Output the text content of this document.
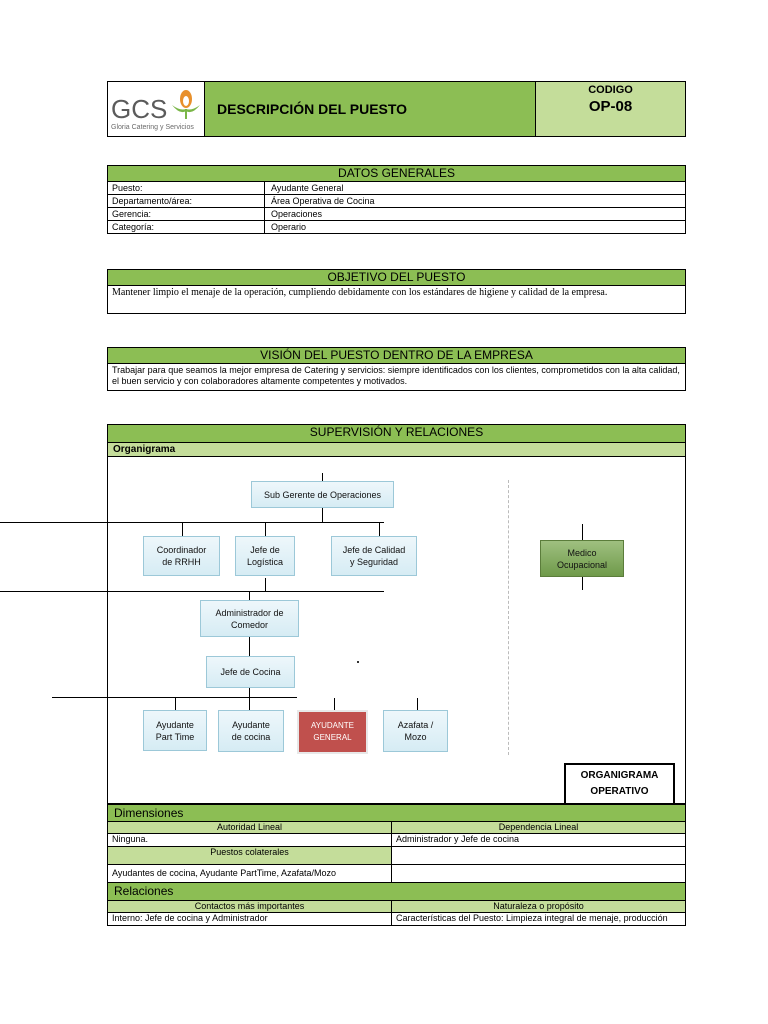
GCS
Gloria Catering y Servicios
DESCRIPCIÓN DEL PUESTO
CODIGO
OP-08
DATOS GENERALES
Puesto:	Ayudante General
Departamento/área:	Área Operativa de Cocina
Gerencia:	Operaciones
Categoría:	Operario
OBJETIVO DEL PUESTO
Mantener limpio el menaje de la operación, cumpliendo debidamente con los estándares de higiene y calidad de la empresa.
VISIÓN DEL PUESTO DENTRO DE LA EMPRESA
Trabajar para que seamos la mejor empresa de Catering y servicios: siempre identificados con los clientes, comprometidos con la alta calidad, el buen servicio y con colaboradores altamente competentes y motivados.
SUPERVISIÓN Y RELACIONES
Organigrama
Sub Gerente de Operaciones
Coordinador de RRHH
Jefe de Logística
Jefe de Calidad y Seguridad
Medico Ocupacional
Administrador de Comedor
Jefe de Cocina
Ayudante Part Time
Ayudante de cocina
AYUDANTE GENERAL
Azafata / Mozo
ORGANIGRAMA
OPERATIVO
Dimensiones
Autoridad Lineal	Dependencia Lineal
Ninguna.	Administrador y Jefe de cocina
Puestos colaterales
Ayudantes de cocina, Ayudante PartTime, Azafata/Mozo
Relaciones
Contactos más importantes	Naturaleza o propósito
Interno: Jefe de cocina y Administrador	Características del Puesto: Limpieza integral de menaje, producción
